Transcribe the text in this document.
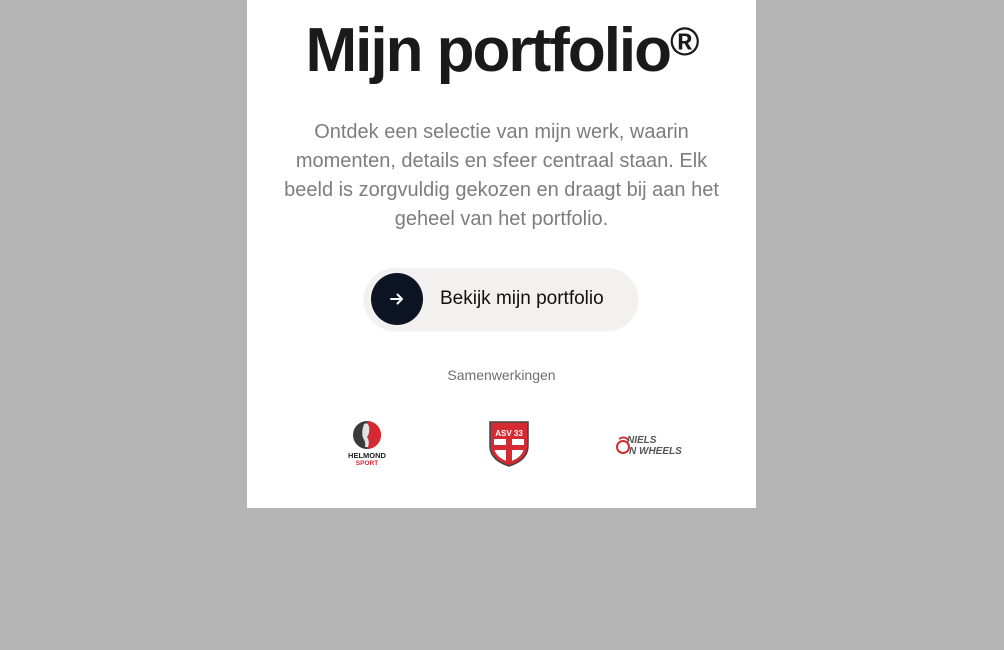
Mijn portfolio®

Ontdek een selectie van mijn werk, waarin momenten, details en sfeer centraal staan. Elk beeld is zorgvuldig gekozen en draagt bij aan het geheel van het portfolio.

Bekijk mijn portfolio

Samenwerkingen

HELMOND
SPORT
ASV 33
NIELS
N WHEELS
